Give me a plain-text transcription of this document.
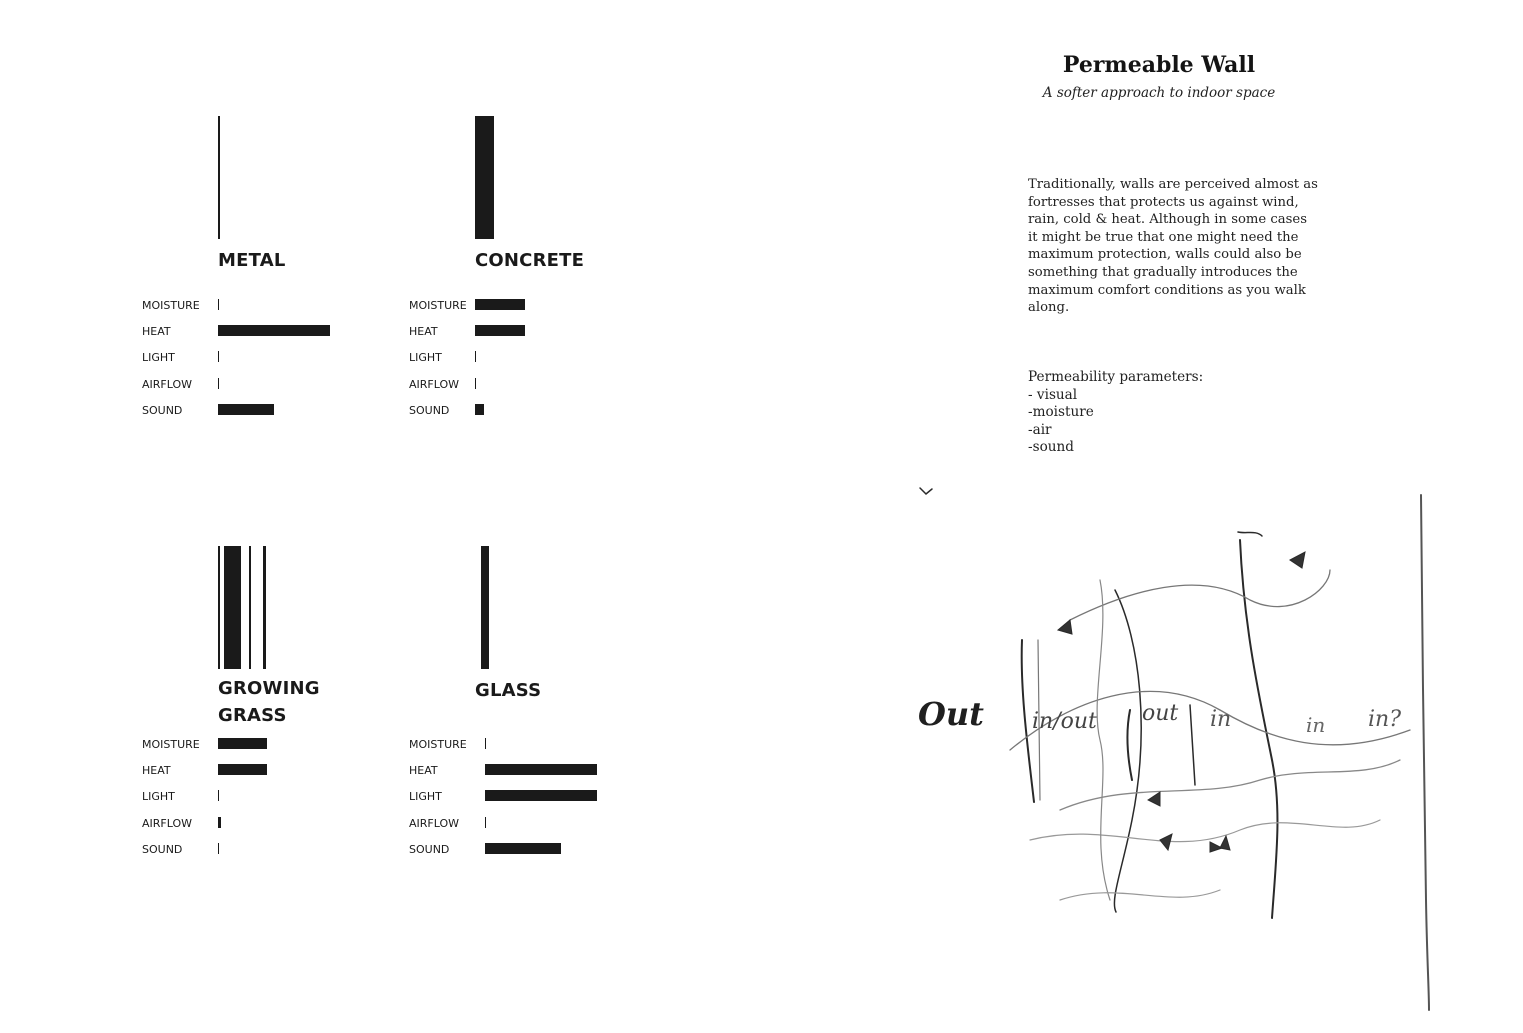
METAL
MOISTURE
HEAT
LIGHT
AIRFLOW
SOUND
CONCRETE
MOISTURE
HEAT
LIGHT
AIRFLOW
SOUND
GROWING
GRASS
MOISTURE
HEAT
LIGHT
AIRFLOW
SOUND
GLASS
MOISTURE
HEAT
LIGHT
AIRFLOW
SOUND
Permeable Wall
A softer approach to indoor space
Traditionally, walls are perceived almost as fortresses that protects us against wind, rain, cold & heat. Although in some cases it might be true that one might need the maximum protection, walls could also be something that gradually introduces the maximum comfort conditions as you walk along.
Permeability parameters:
- visual
-moisture
-air
-sound
Out in/out out in	in in?
